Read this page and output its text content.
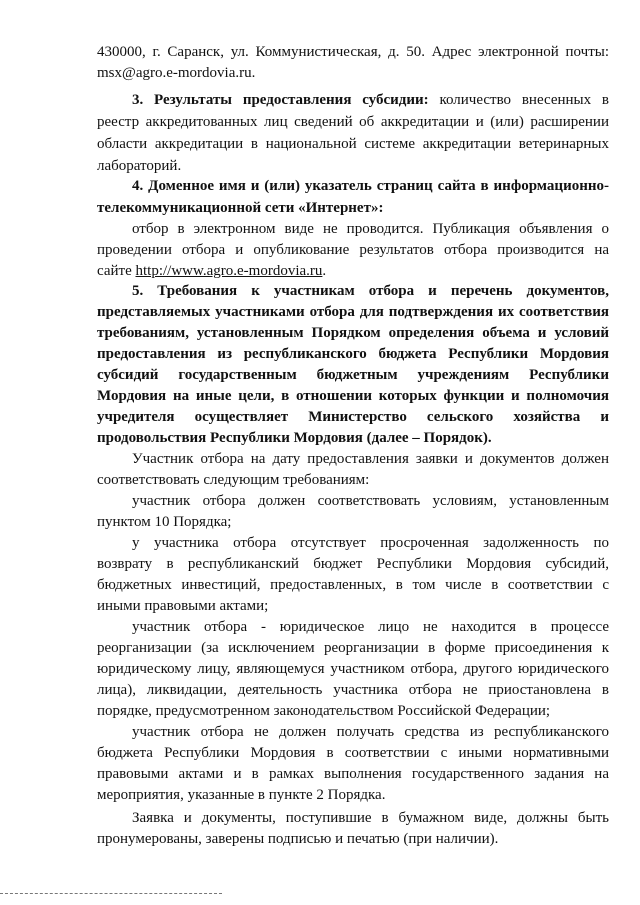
430000, г. Саранск, ул. Коммунистическая, д. 50. Адрес электронной почты:
msx@agro.e-mordovia.ru.
3. Результаты предоставления субсидии: количество внесенных в
реестр аккредитованных лиц сведений об аккредитации и (или) расширении
области аккредитации в национальной системе аккредитации ветеринарных
лабораторий.
4. Доменное имя и (или) указатель страниц сайта в информационно-
телекоммуникационной сети «Интернет»:
отбор в электронном виде не проводится. Публикация объявления о
проведении отбора и опубликование результатов отбора производится на
сайте http://www.agro.e-mordovia.ru.
5. Требования к участникам отбора и перечень документов,
представляемых участниками отбора для подтверждения их соответствия
требованиям, установленным Порядком определения объема и условий
предоставления из республиканского бюджета Республики Мордовия
субсидий государственным бюджетным учреждениям Республики
Мордовия на иные цели, в отношении которых функции и полномочия
учредителя осуществляет Министерство сельского хозяйства и
продовольствия Республики Мордовия (далее – Порядок).
Участник отбора на дату предоставления заявки и документов должен
соответствовать следующим требованиям:
участник отбора должен соответствовать условиям, установленным
пунктом 10 Порядка;
у участника отбора отсутствует просроченная задолженность по
возврату в республиканский бюджет Республики Мордовия субсидий,
бюджетных инвестиций, предоставленных, в том числе в соответствии с
иными правовыми актами;
участник отбора - юридическое лицо не находится в процессе
реорганизации (за исключением реорганизации в форме присоединения к
юридическому лицу, являющемуся участником отбора, другого юридического
лица), ликвидации, деятельность участника отбора не приостановлена в
порядке, предусмотренном законодательством Российской Федерации;
участник отбора не должен получать средства из республиканского
бюджета Республики Мордовия в соответствии с иными нормативными
правовыми актами и в рамках выполнения государственного задания на
мероприятия, указанные в пункте 2 Порядка.
Заявка и документы, поступившие в бумажном виде, должны быть
пронумерованы, заверены подписью и печатью (при наличии).
